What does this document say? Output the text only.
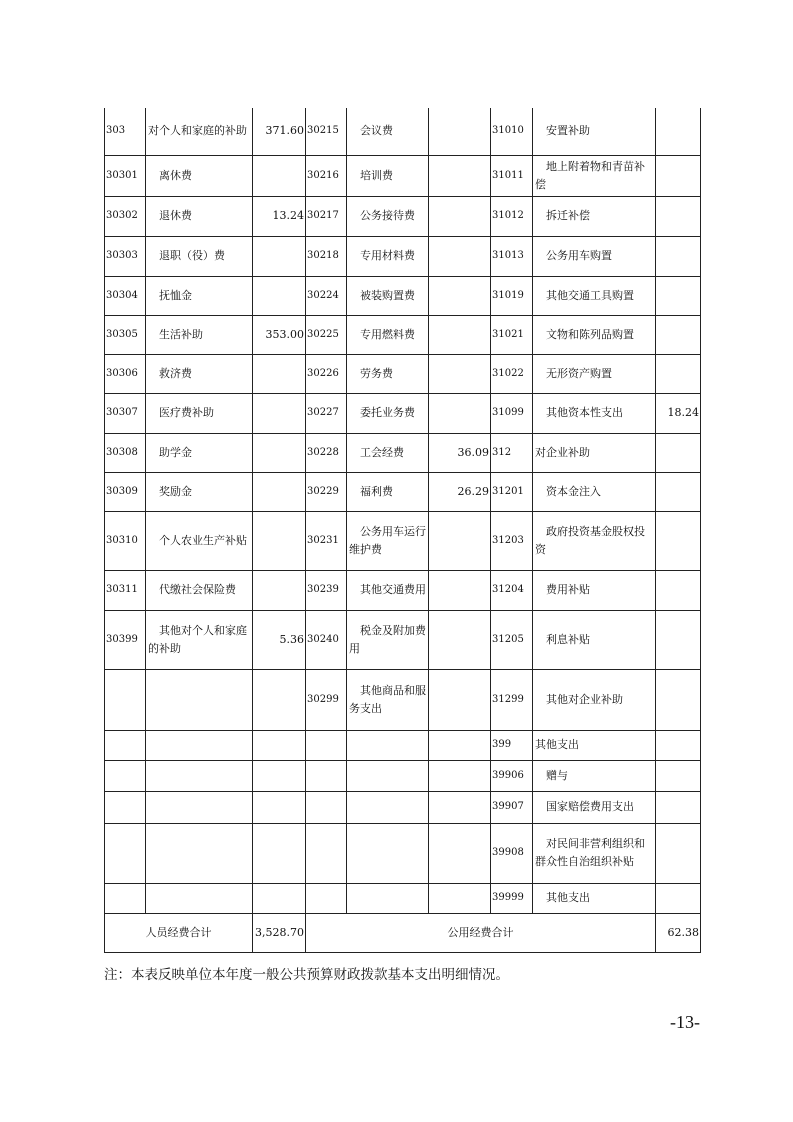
303	对个人和家庭的补助	371.60	30215	会议费		31010	安置补助	
30301	离休费		30216	培训费		31011	地上附着物和青苗补偿	
30302	退休费	13.24	30217	公务接待费		31012	拆迁补偿	
30303	退职（役）费		30218	专用材料费		31013	公务用车购置	
30304	抚恤金		30224	被装购置费		31019	其他交通工具购置	
30305	生活补助	353.00	30225	专用燃料费		31021	文物和陈列品购置	
30306	救济费		30226	劳务费		31022	无形资产购置	
30307	医疗费补助		30227	委托业务费		31099	其他资本性支出	18.24
30308	助学金		30228	工会经费	36.09	312	对企业补助	
30309	奖励金		30229	福利费	26.29	31201	资本金注入	
30310	个人农业生产补贴		30231	公务用车运行维护费		31203	政府投资基金股权投资	
30311	代缴社会保险费		30239	其他交通费用		31204	费用补贴	
30399	其他对个人和家庭的补助	5.36	30240	税金及附加费用		31205	利息补贴	
			30299	其他商品和服务支出		31299	其他对企业补助	
						399	其他支出	
						39906	赠与	
						39907	国家赔偿费用支出	
						39908	对民间非营利组织和群众性自治组织补贴	
						39999	其他支出	
人员经费合计		3,528.70	公用经费合计					62.38
注：本表反映单位本年度一般公共预算财政拨款基本支出明细情况。
-13-
